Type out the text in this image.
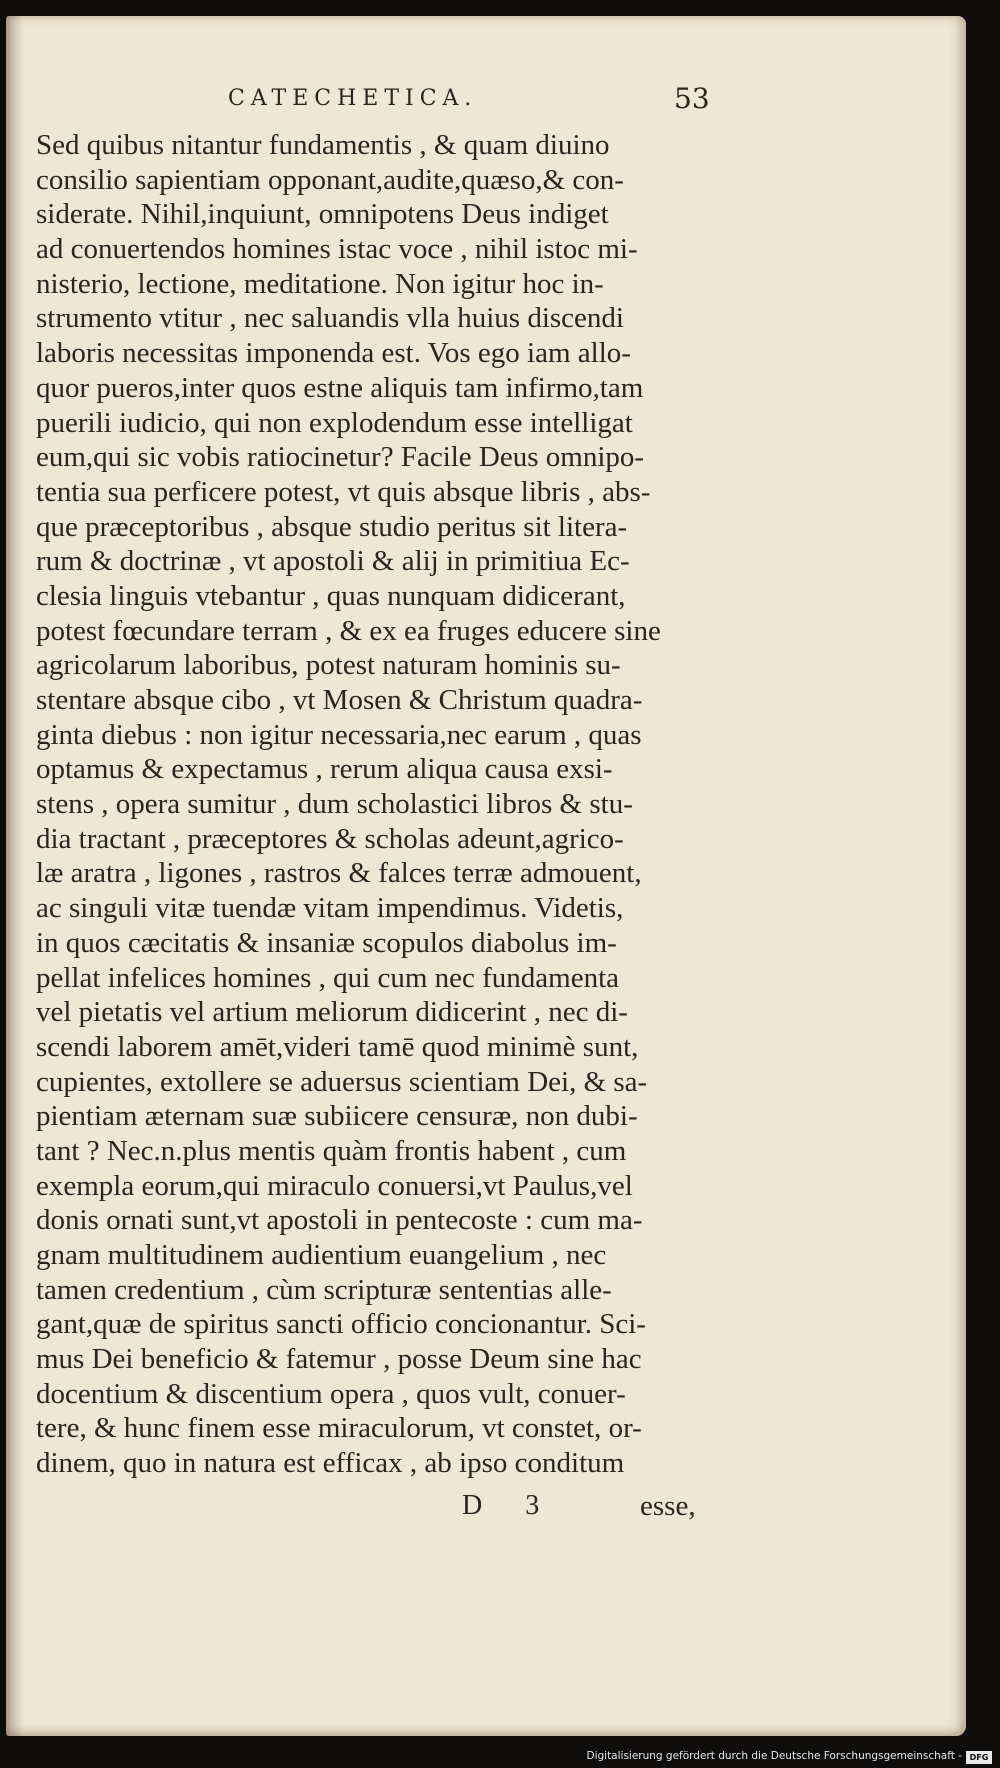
CATECHETICA.	53
Sed quibus nitantur fundamentis , & quam diuino
consilio sapientiam opponant,audite,quæso,& con-
siderate. Nihil,inquiunt, omnipotens Deus indiget
ad conuertendos homines istac voce , nihil istoc mi-
nisterio, lectione, meditatione. Non igitur hoc in-
strumento vtitur , nec saluandis vlla huius discendi
laboris necessitas imponenda est. Vos ego iam allo-
quor pueros,inter quos estne aliquis tam infirmo,tam
puerili iudicio, qui non explodendum esse intelligat
eum,qui sic vobis ratiocinetur? Facile Deus omnipo-
tentia sua perficere potest, vt quis absque libris , abs-
que præceptoribus , absque studio peritus sit litera-
rum & doctrinæ , vt apostoli & alij in primitiua Ec-
clesia linguis vtebantur , quas nunquam didicerant,
potest fœcundare terram , & ex ea fruges educere sine
agricolarum laboribus, potest naturam hominis su-
stentare absque cibo , vt Mosen & Christum quadra-
ginta diebus : non igitur necessaria,nec earum , quas
optamus & expectamus , rerum aliqua causa exsi-
stens , opera sumitur , dum scholastici libros & stu-
dia tractant , præceptores & scholas adeunt,agrico-
læ aratra , ligones , rastros & falces terræ admouent,
ac singuli vitæ tuendæ vitam impendimus. Videtis,
in quos cæcitatis & insaniæ scopulos diabolus im-
pellat infelices homines , qui cum nec fundamenta
vel pietatis vel artium meliorum didicerint , nec di-
scendi laborem amēt,videri tamē quod minimè sunt,
cupientes, extollere se aduersus scientiam Dei, & sa-
pientiam æternam suæ subiicere censuræ, non dubi-
tant ? Nec.n.plus mentis quàm frontis habent , cum
exempla eorum,qui miraculo conuersi,vt Paulus,vel
donis ornati sunt,vt apostoli in pentecoste : cum ma-
gnam multitudinem audientium euangelium , nec
tamen credentium , cùm scripturæ sententias alle-
gant,quæ de spiritus sancti officio concionantur. Sci-
mus Dei beneficio & fatemur , posse Deum sine hac
docentium & discentium opera , quos vult, conuer-
tere, & hunc finem esse miraculorum, vt constet, or-
dinem, quo in natura est efficax , ab ipso conditum
D 3	esse,
Digitalisierung gefördert durch die Deutsche Forschungsgemeinschaft - DFG
